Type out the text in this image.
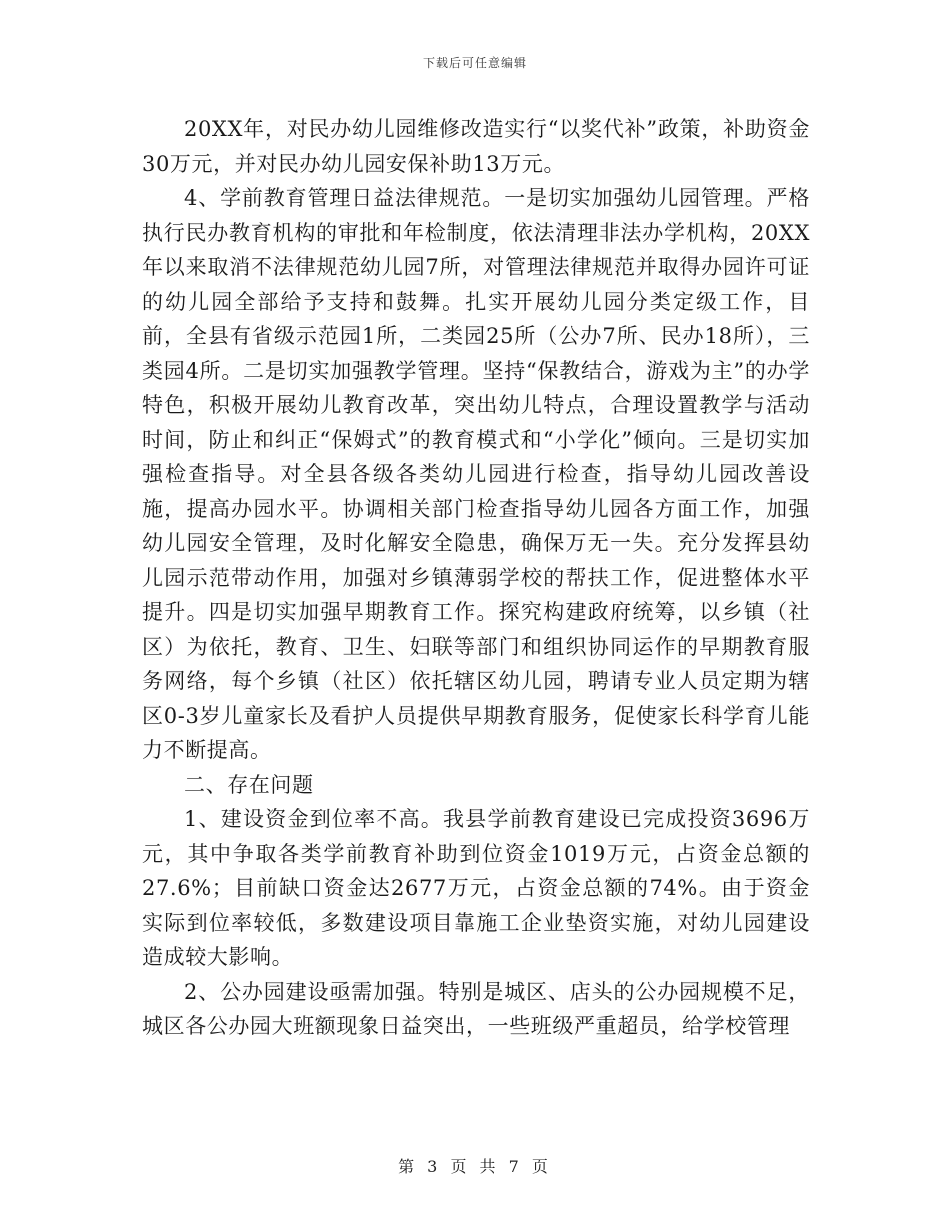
下载后可任意编辑

20XX年，对民办幼儿园维修改造实行“以奖代补”政策，补助资金30万元，并对民办幼儿园安保补助13万元。

4、学前教育管理日益法律规范。一是切实加强幼儿园管理。严格执行民办教育机构的审批和年检制度，依法清理非法办学机构，20XX年以来取消不法律规范幼儿园7所，对管理法律规范并取得办园许可证的幼儿园全部给予支持和鼓舞。扎实开展幼儿园分类定级工作，目前，全县有省级示范园1所，二类园25所（公办7所、民办18所），三类园4所。二是切实加强教学管理。坚持“保教结合，游戏为主”的办学特色，积极开展幼儿教育改革，突出幼儿特点，合理设置教学与活动时间，防止和纠正“保姆式”的教育模式和“小学化”倾向。三是切实加强检查指导。对全县各级各类幼儿园进行检查，指导幼儿园改善设施，提高办园水平。协调相关部门检查指导幼儿园各方面工作，加强幼儿园安全管理，及时化解安全隐患，确保万无一失。充分发挥县幼儿园示范带动作用，加强对乡镇薄弱学校的帮扶工作，促进整体水平提升。四是切实加强早期教育工作。探究构建政府统筹，以乡镇（社区）为依托，教育、卫生、妇联等部门和组织协同运作的早期教育服务网络，每个乡镇（社区）依托辖区幼儿园，聘请专业人员定期为辖区0-3岁儿童家长及看护人员提供早期教育服务，促使家长科学育儿能力不断提高。

二、存在问题

1、建设资金到位率不高。我县学前教育建设已完成投资3696万元，其中争取各类学前教育补助到位资金1019万元，占资金总额的27.6%；目前缺口资金达2677万元，占资金总额的74%。由于资金实际到位率较低，多数建设项目靠施工企业垫资实施，对幼儿园建设造成较大影响。

2、公办园建设亟需加强。特别是城区、店头的公办园规模不足，城区各公办园大班额现象日益突出，一些班级严重超员，给学校管理

第 3 页 共 7 页
